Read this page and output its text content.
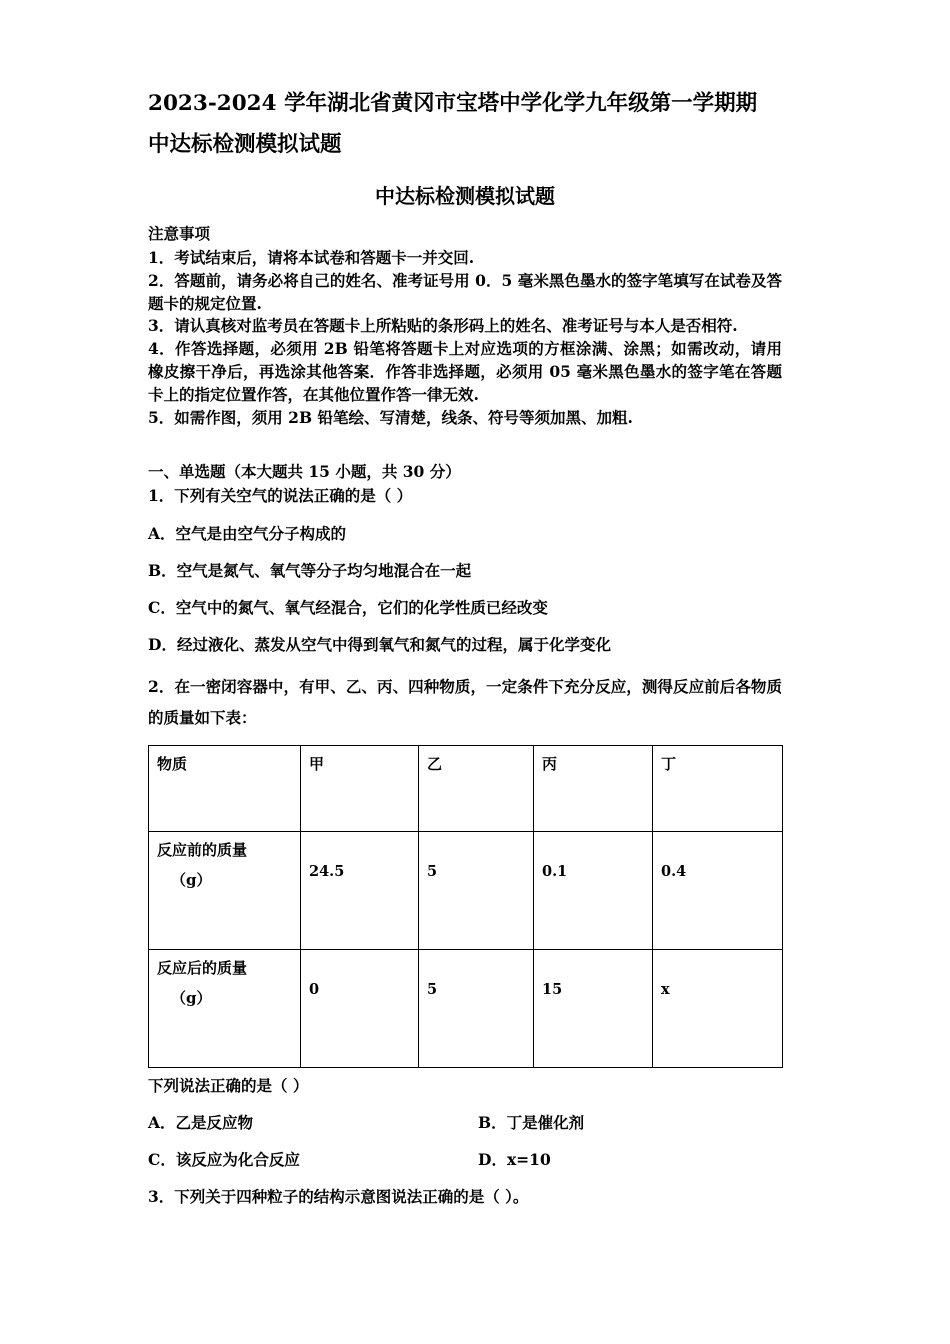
2023-2024 学年湖北省黄冈市宝塔中学化学九年级第一学期期
中达标检测模拟试题
中达标检测模拟试题
注意事项

1．考试结束后，请将本试卷和答题卡一并交回.

2．答题前，请务必将自己的姓名、准考证号用 0．5 毫米黑色墨水的签字笔填写在试卷及答题卡的规定位置.

3．请认真核对监考员在答题卡上所粘贴的条形码上的姓名、准考证号与本人是否相符.

4．作答选择题，必须用 2B 铅笔将答题卡上对应选项的方框涂满、涂黑；如需改动，请用橡皮擦干净后，再选涂其他答案．作答非选择题，必须用 05 毫米黑色墨水的签字笔在答题卡上的指定位置作答，在其他位置作答一律无效.

5．如需作图，须用 2B 铅笔绘、写清楚，线条、符号等须加黑、加粗.

一、单选题（本大题共 15 小题，共 30 分）
1．下列有关空气的说法正确的是（ ）
A．空气是由空气分子构成的
B．空气是氮气、氧气等分子均匀地混合在一起
C．空气中的氮气、氧气经混合，它们的化学性质已经改变
D．经过液化、蒸发从空气中得到氧气和氮气的过程，属于化学变化
2．在一密闭容器中，有甲、乙、丙、四种物质，一定条件下充分反应，测得反应前后各物质的质量如下表：
物质	甲	乙	丙	丁

反应前的质量
（g）	24.5	5	0.1	0.4

反应后的质量
（g）	0	5	15	x
下列说法正确的是（ ）
A．乙是反应物	B．丁是催化剂
C．该反应为化合反应	D．x=10
3．下列关于四种粒子的结构示意图说法正确的是（ ）。
